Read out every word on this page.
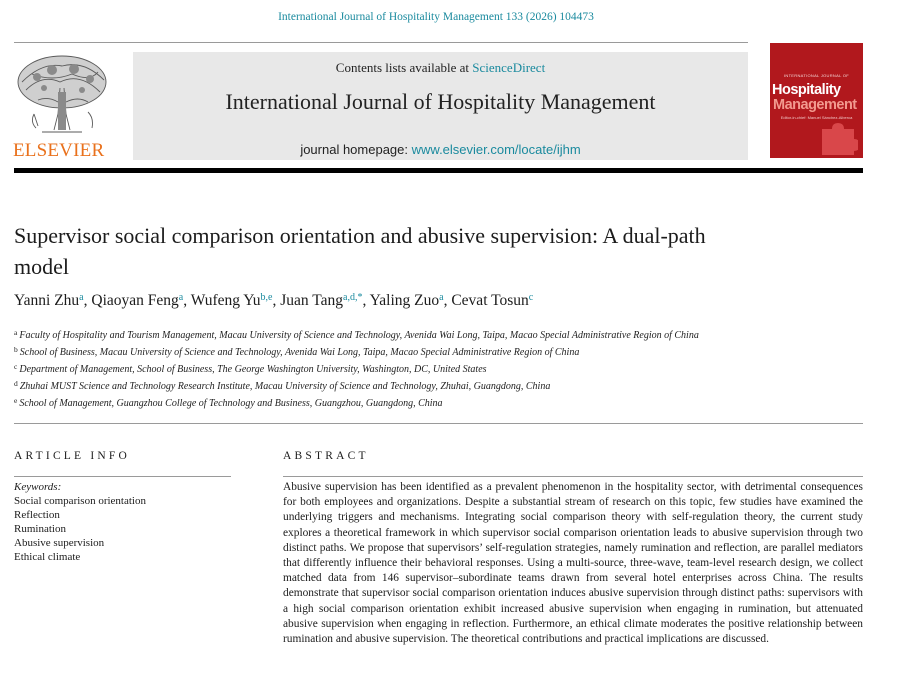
International Journal of Hospitality Management 133 (2026) 104473
ELSEVIER
Contents lists available at ScienceDirect
International Journal of Hospitality Management
journal homepage: www.elsevier.com/locate/ijhm
INTERNATIONAL JOURNAL OF
Hospitality
Management
Editor-in-chief: Manuel Sánchez-Alberca
Supervisor social comparison orientation and abusive supervision: A dual-path model
Yanni Zhu$^a$, Qiaoyan Feng$^a$, Wufeng Yu$^{b,e}$, Juan Tang$^{a,d,*}$, Yaling Zuo$^a$, Cevat Tosun$^c$
$^a$ Faculty of Hospitality and Tourism Management, Macau University of Science and Technology, Avenida Wai Long, Taipa, Macao Special Administrative Region of China
$^b$ School of Business, Macau University of Science and Technology, Avenida Wai Long, Taipa, Macao Special Administrative Region of China
$^c$ Department of Management, School of Business, The George Washington University, Washington, DC, United States
$^d$ Zhuhai MUST Science and Technology Research Institute, Macau University of Science and Technology, Zhuhai, Guangdong, China
$^e$ School of Management, Guangzhou College of Technology and Business, Guangzhou, Guangdong, China
ARTICLE INFO
Keywords:
Social comparison orientation
Reflection
Rumination
Abusive supervision
Ethical climate
ABSTRACT
Abusive supervision has been identified as a prevalent phenomenon in the hospitality sector, with detrimental consequences for both employees and organizations. Despite a substantial stream of research on this topic, few studies have examined the underlying triggers and mechanisms. Integrating social comparison theory with self-regulation theory, the current study explores a theoretical framework in which supervisor social comparison orientation leads to abusive supervision through two distinct paths. We propose that supervisors’ self-regulation strategies, namely rumination and reflection, are parallel mediators that differently influence their behavioral responses. Using a multi-source, three-wave, team-level research design, we collect matched data from 146 supervisor–subordinate teams drawn from several hotel enterprises across China. The results demonstrate that supervisor social comparison orientation induces abusive supervision through distinct paths: supervisors with a high social comparison orientation exhibit increased abusive supervision when engaging in rumination, but attenuated abusive supervision when engaging in reflection. Furthermore, an ethical climate moderates the positive relationship between rumination and abusive supervision. The theoretical contributions and practical implications are discussed.
